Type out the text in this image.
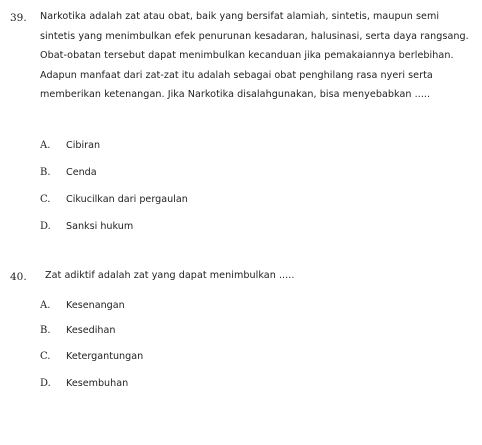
39. Narkotika adalah zat atau obat, baik yang bersifat alamiah, sintetis, maupun semi sintetis yang menimbulkan efek penurunan kesadaran, halusinasi, serta daya rangsang. Obat-obatan tersebut dapat menimbulkan kecanduan jika pemakaiannya berlebihan. Adapun manfaat dari zat-zat itu adalah sebagai obat penghilang rasa nyeri serta memberikan ketenangan. Jika Narkotika disalahgunakan, bisa menyebabkan .....
A. Cibiran
B. Cenda
C. Cikucilkan dari pergaulan
D. Sanksi hukum
40. Zat adiktif adalah zat yang dapat menimbulkan .....
A. Kesenangan
B. Kesedihan
C. Ketergantungan
D. Kesembuhan
